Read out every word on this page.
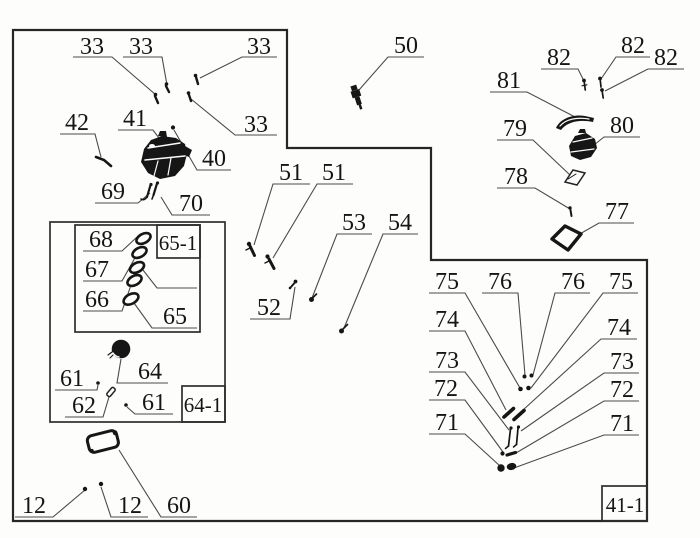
64-1
65-1
41-1
33 33	33
33
42 41
40
69 70
68
67
66
65
64
61
62 61
12	12 60
50	82 82 82
81
79	80
78
77
51 51
53 54
52
75 76 76 75
74	74
73	73
72	72
71	71
